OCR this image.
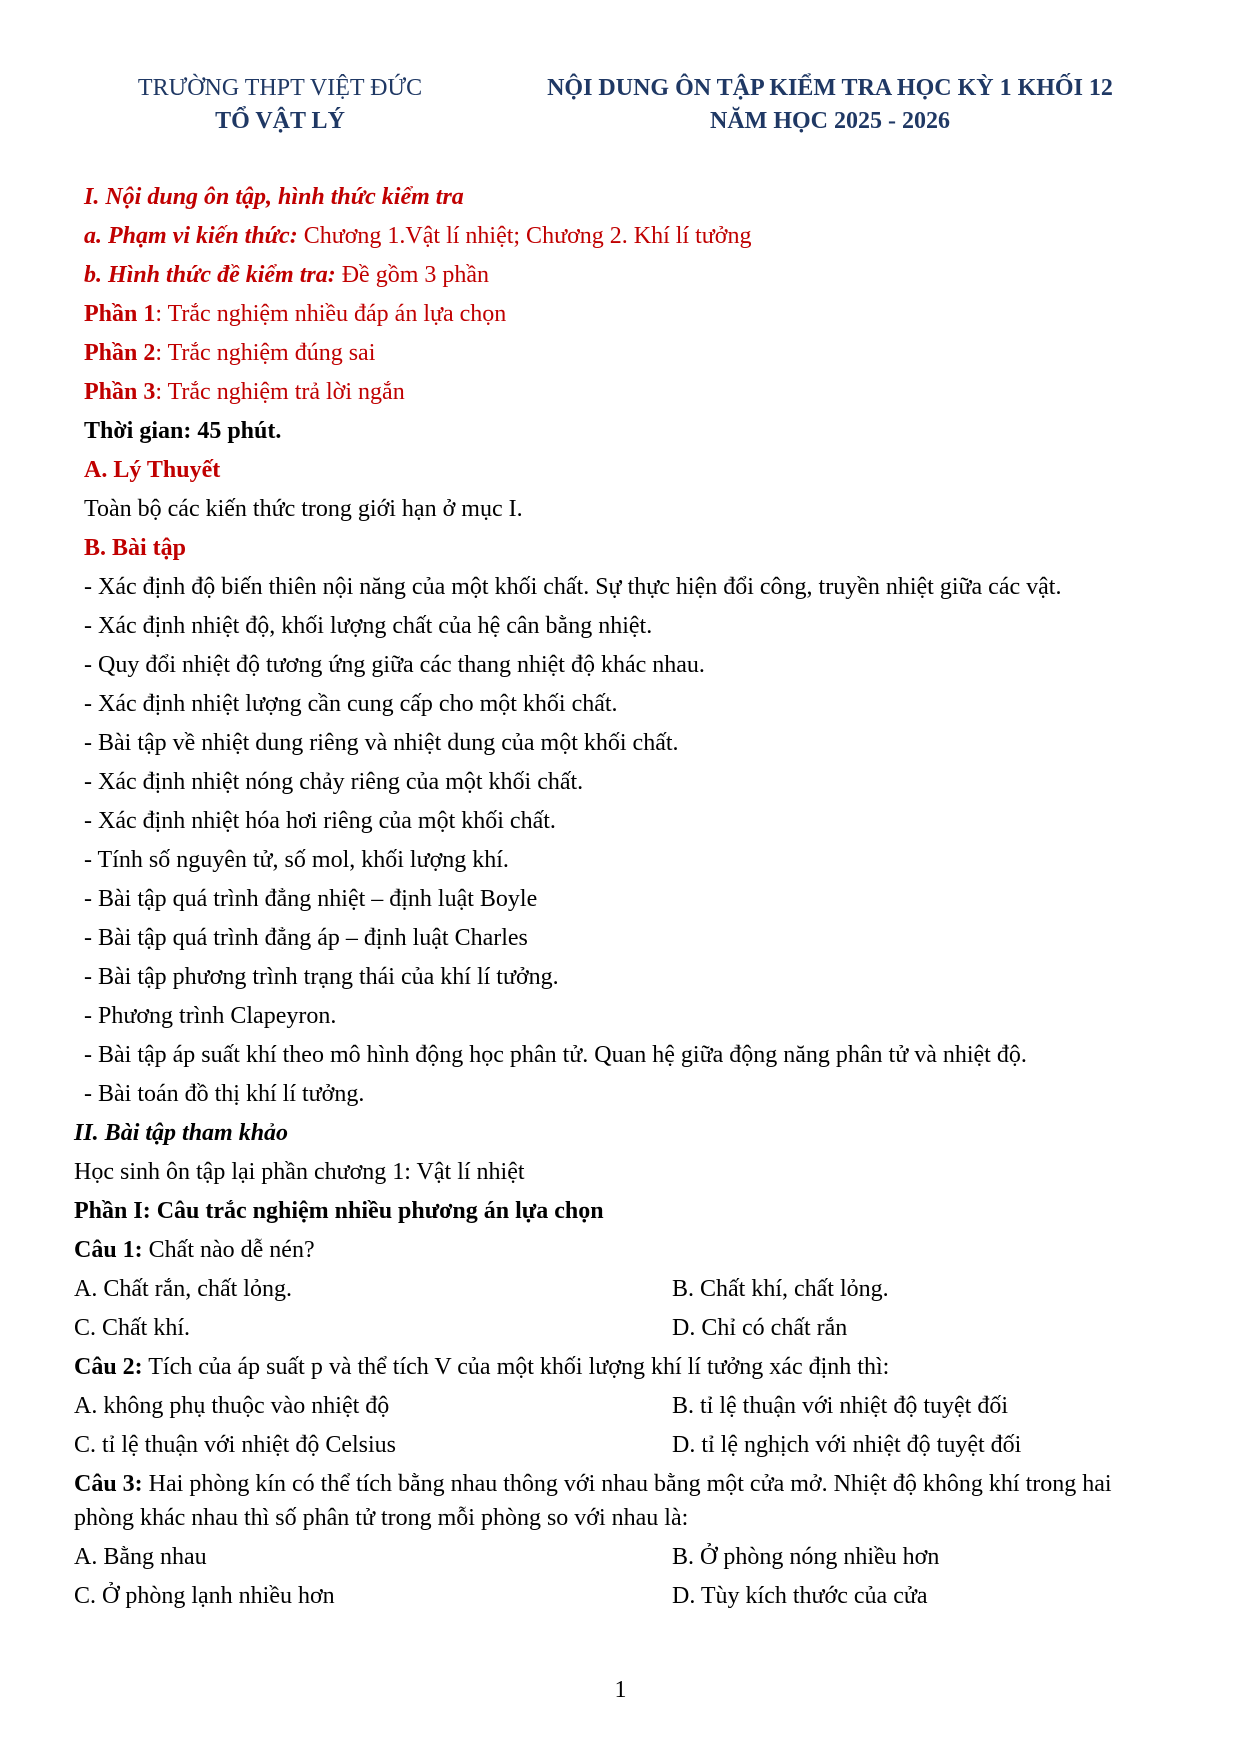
TRƯỜNG THPT VIỆT ĐỨC
TỔ VẬT LÝ
NỘI DUNG ÔN TẬP KIỂM TRA HỌC KỲ 1 KHỐI 12
NĂM HỌC 2025 - 2026
I. Nội dung ôn tập, hình thức kiểm tra
a. Phạm vi kiến thức: Chương 1.Vật lí nhiệt; Chương 2. Khí lí tưởng
b. Hình thức đề kiểm tra: Đề gồm 3 phần
Phần 1: Trắc nghiệm nhiều đáp án lựa chọn
Phần 2: Trắc nghiệm đúng sai
Phần 3: Trắc nghiệm trả lời ngắn
Thời gian: 45 phút.
A. Lý Thuyết
Toàn bộ các kiến thức trong giới hạn ở mục I.
B. Bài tập
- Xác định độ biến thiên nội năng của một khối chất. Sự thực hiện đổi công, truyền nhiệt giữa các vật.
- Xác định nhiệt độ, khối lượng chất của hệ cân bằng nhiệt.
- Quy đổi nhiệt độ tương ứng giữa các thang nhiệt độ khác nhau.
- Xác định nhiệt lượng cần cung cấp cho một khối chất.
- Bài tập về nhiệt dung riêng và nhiệt dung của một khối chất.
- Xác định nhiệt nóng chảy riêng của một khối chất.
- Xác định nhiệt hóa hơi riêng của một khối chất.
- Tính số nguyên tử, số mol, khối lượng khí.
- Bài tập quá trình đẳng nhiệt – định luật Boyle
- Bài tập quá trình đẳng áp – định luật Charles
- Bài tập phương trình trạng thái của khí lí tưởng.
- Phương trình Clapeyron.
- Bài tập áp suất khí theo mô hình động học phân tử. Quan hệ giữa động năng phân tử và nhiệt độ.
- Bài toán đồ thị khí lí tưởng.
II. Bài tập tham khảo
Học sinh ôn tập lại phần chương 1: Vật lí nhiệt
Phần I: Câu trắc nghiệm nhiều phương án lựa chọn
Câu 1: Chất nào dễ nén?
A. Chất rắn, chất lỏng.	B. Chất khí, chất lỏng.
C. Chất khí.	D. Chỉ có chất rắn
Câu 2: Tích của áp suất p và thể tích V của một khối lượng khí lí tưởng xác định thì:
A. không phụ thuộc vào nhiệt độ	B. tỉ lệ thuận với nhiệt độ tuyệt đối
C. tỉ lệ thuận với nhiệt độ Celsius	D. tỉ lệ nghịch với nhiệt độ tuyệt đối
Câu 3: Hai phòng kín có thể tích bằng nhau thông với nhau bằng một cửa mở. Nhiệt độ không khí trong hai
phòng khác nhau thì số phân tử trong mỗi phòng so với nhau là:
A. Bằng nhau	B. Ở phòng nóng nhiều hơn
C. Ở phòng lạnh nhiều hơn	D. Tùy kích thước của cửa
1
